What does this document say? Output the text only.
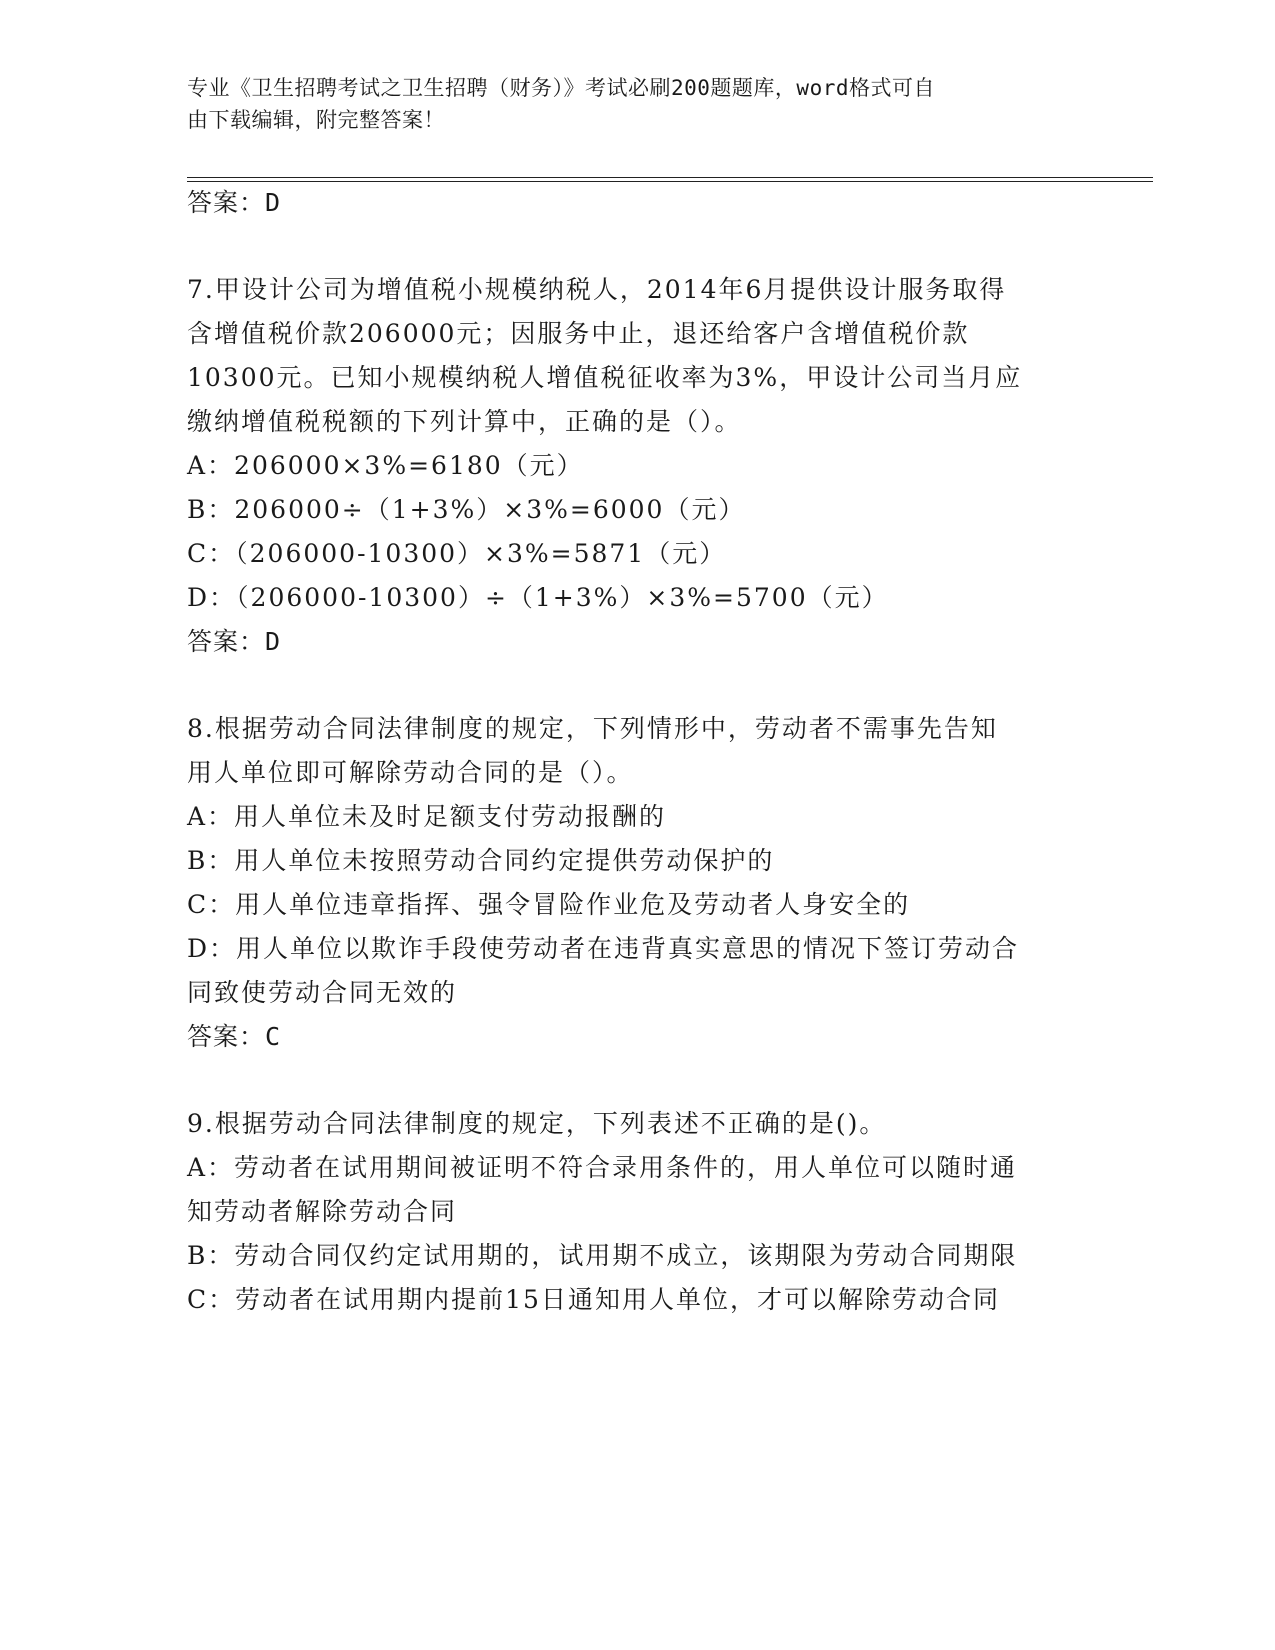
专业《卫生招聘考试之卫生招聘（财务）》考试必刷200题题库，word格式可自
由下载编辑，附完整答案！
答案：D
7.甲设计公司为增值税小规模纳税人，2014年6月提供设计服务取得
含增值税价款206000元；因服务中止，退还给客户含增值税价款
10300元。已知小规模纳税人增值税征收率为3%，甲设计公司当月应
缴纳增值税税额的下列计算中，正确的是（）。
A：206000×3%=6180（元）
B：206000÷（1+3%）×3%=6000（元）
C：（206000-10300）×3%=5871（元）
D：（206000-10300）÷（1+3%）×3%=5700（元）
答案：D
8.根据劳动合同法律制度的规定，下列情形中，劳动者不需事先告知
用人单位即可解除劳动合同的是（）。
A：用人单位未及时足额支付劳动报酬的
B：用人单位未按照劳动合同约定提供劳动保护的
C：用人单位违章指挥、强令冒险作业危及劳动者人身安全的
D：用人单位以欺诈手段使劳动者在违背真实意思的情况下签订劳动合
同致使劳动合同无效的
答案：C
9.根据劳动合同法律制度的规定，下列表述不正确的是()。
A：劳动者在试用期间被证明不符合录用条件的，用人单位可以随时通
知劳动者解除劳动合同
B：劳动合同仅约定试用期的，试用期不成立，该期限为劳动合同期限
C：劳动者在试用期内提前15日通知用人单位，才可以解除劳动合同
